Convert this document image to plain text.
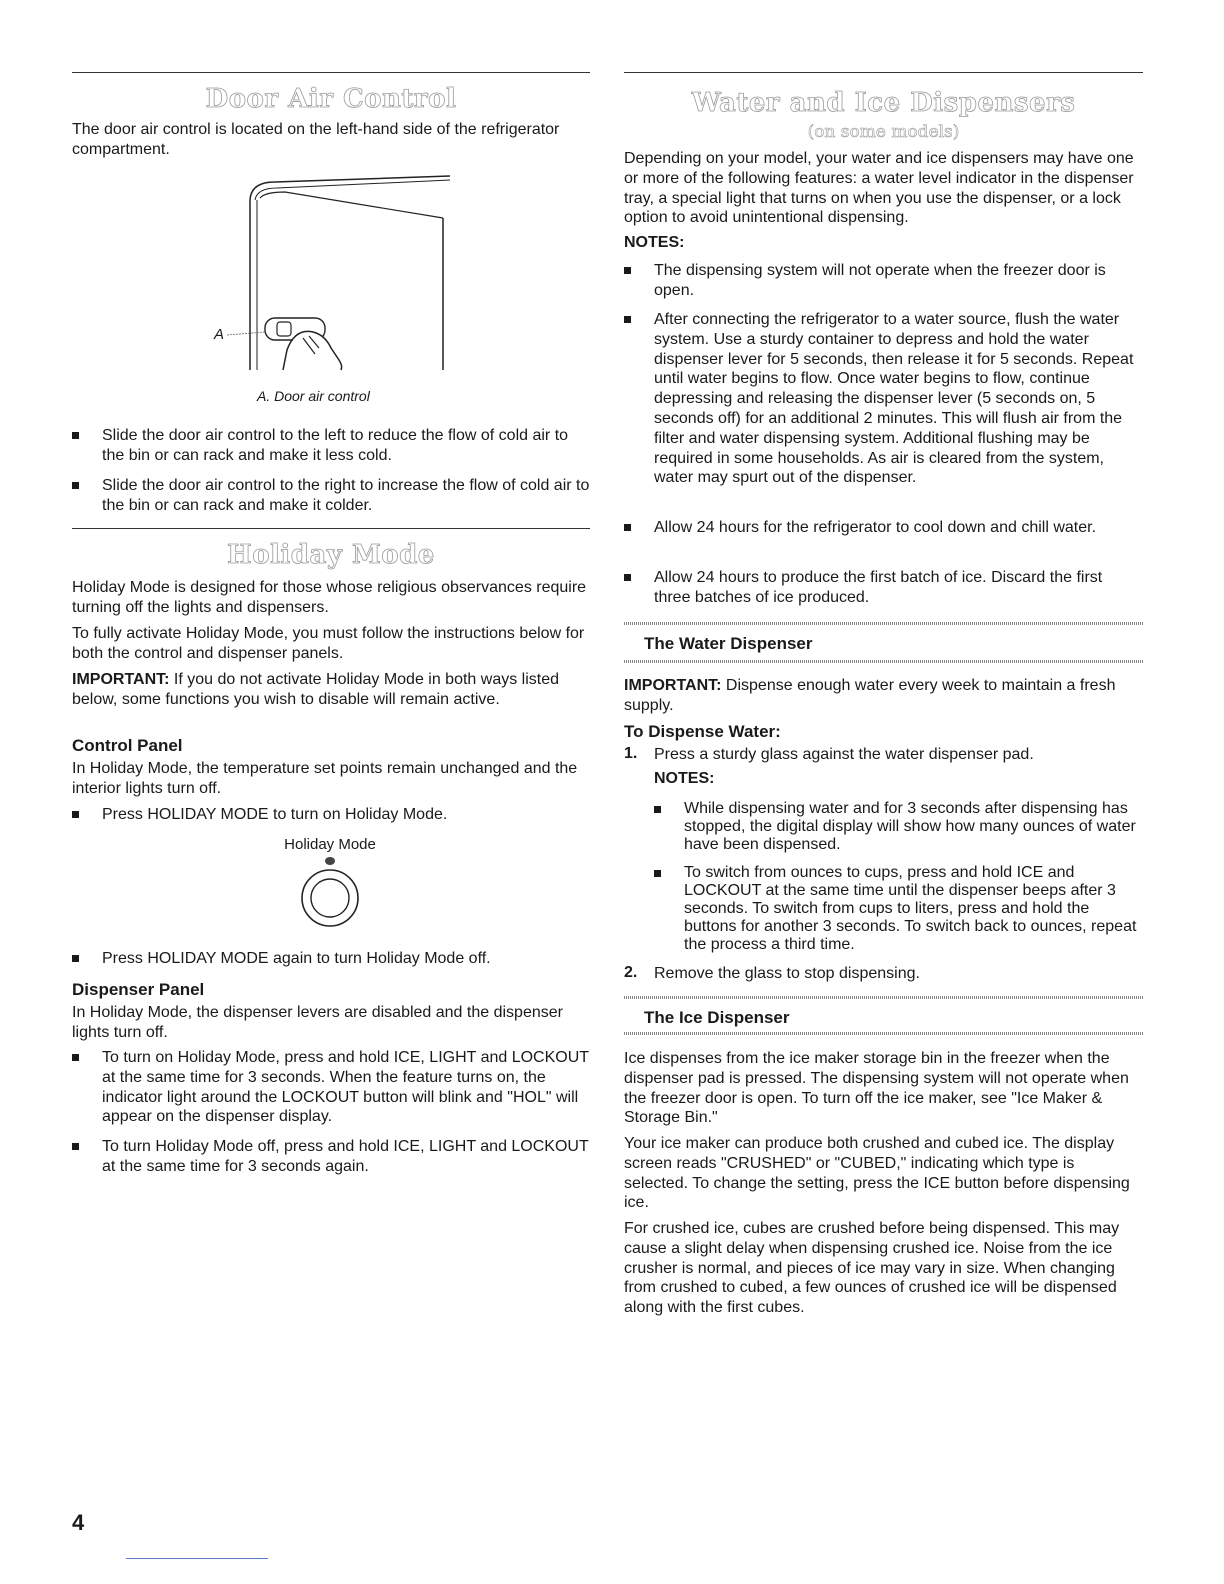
Door Air Control

The door air control is located on the left-hand side of the refrigerator compartment.

A
A. Door air control
Slide the door air control to the left to reduce the flow of cold air to the bin or can rack and make it less cold.
Slide the door air control to the right to increase the flow of cold air to the bin or can rack and make it colder.
Holiday Mode

Holiday Mode is designed for those whose religious observances require turning off the lights and dispensers.

To fully activate Holiday Mode, you must follow the instructions below for both the control and dispenser panels.

IMPORTANT: If you do not activate Holiday Mode in both ways listed below, some functions you wish to disable will remain active.

Control Panel

In Holiday Mode, the temperature set points remain unchanged and the interior lights turn off.

Press HOLIDAY MODE to turn on Holiday Mode.
Holiday Mode
Press HOLIDAY MODE again to turn Holiday Mode off.
Dispenser Panel

In Holiday Mode, the dispenser levers are disabled and the dispenser lights turn off.

To turn on Holiday Mode, press and hold ICE, LIGHT and LOCKOUT at the same time for 3 seconds. When the feature turns on, the indicator light around the LOCKOUT button will blink and "HOL" will appear on the dispenser display.
To turn Holiday Mode off, press and hold ICE, LIGHT and LOCKOUT at the same time for 3 seconds again.
4
Water and Ice Dispensers
(on some models)

Depending on your model, your water and ice dispensers may have one or more of the following features: a water level indicator in the dispenser tray, a special light that turns on when you use the dispenser, or a lock option to avoid unintentional dispensing.

NOTES:
The dispensing system will not operate when the freezer door is open.
After connecting the refrigerator to a water source, flush the water system. Use a sturdy container to depress and hold the water dispenser lever for 5 seconds, then release it for 5 seconds. Repeat until water begins to flow. Once water begins to flow, continue depressing and releasing the dispenser lever (5 seconds on, 5 seconds off) for an additional 2 minutes. This will flush air from the filter and water dispensing system. Additional flushing may be required in some households. As air is cleared from the system, water may spurt out of the dispenser.
Allow 24 hours for the refrigerator to cool down and chill water.
Allow 24 hours to produce the first batch of ice. Discard the first three batches of ice produced.
The Water Dispenser

IMPORTANT: Dispense enough water every week to maintain a fresh supply.

To Dispense Water:
1. Press a sturdy glass against the water dispenser pad.

NOTES:
While dispensing water and for 3 seconds after dispensing has stopped, the digital display will show how many ounces of water have been dispensed.
To switch from ounces to cups, press and hold ICE and LOCKOUT at the same time until the dispenser beeps after 3 seconds. To switch from cups to liters, press and hold the buttons for another 3 seconds. To switch back to ounces, repeat the process a third time.
2. Remove the glass to stop dispensing.

The Ice Dispenser

Ice dispenses from the ice maker storage bin in the freezer when the dispenser pad is pressed. The dispensing system will not operate when the freezer door is open. To turn off the ice maker, see "Ice Maker & Storage Bin."

Your ice maker can produce both crushed and cubed ice. The display screen reads "CRUSHED" or "CUBED," indicating which type is selected. To change the setting, press the ICE button before dispensing ice.

For crushed ice, cubes are crushed before being dispensed. This may cause a slight delay when dispensing crushed ice. Noise from the ice crusher is normal, and pieces of ice may vary in size. When changing from crushed to cubed, a few ounces of crushed ice will be dispensed along with the first cubes.
